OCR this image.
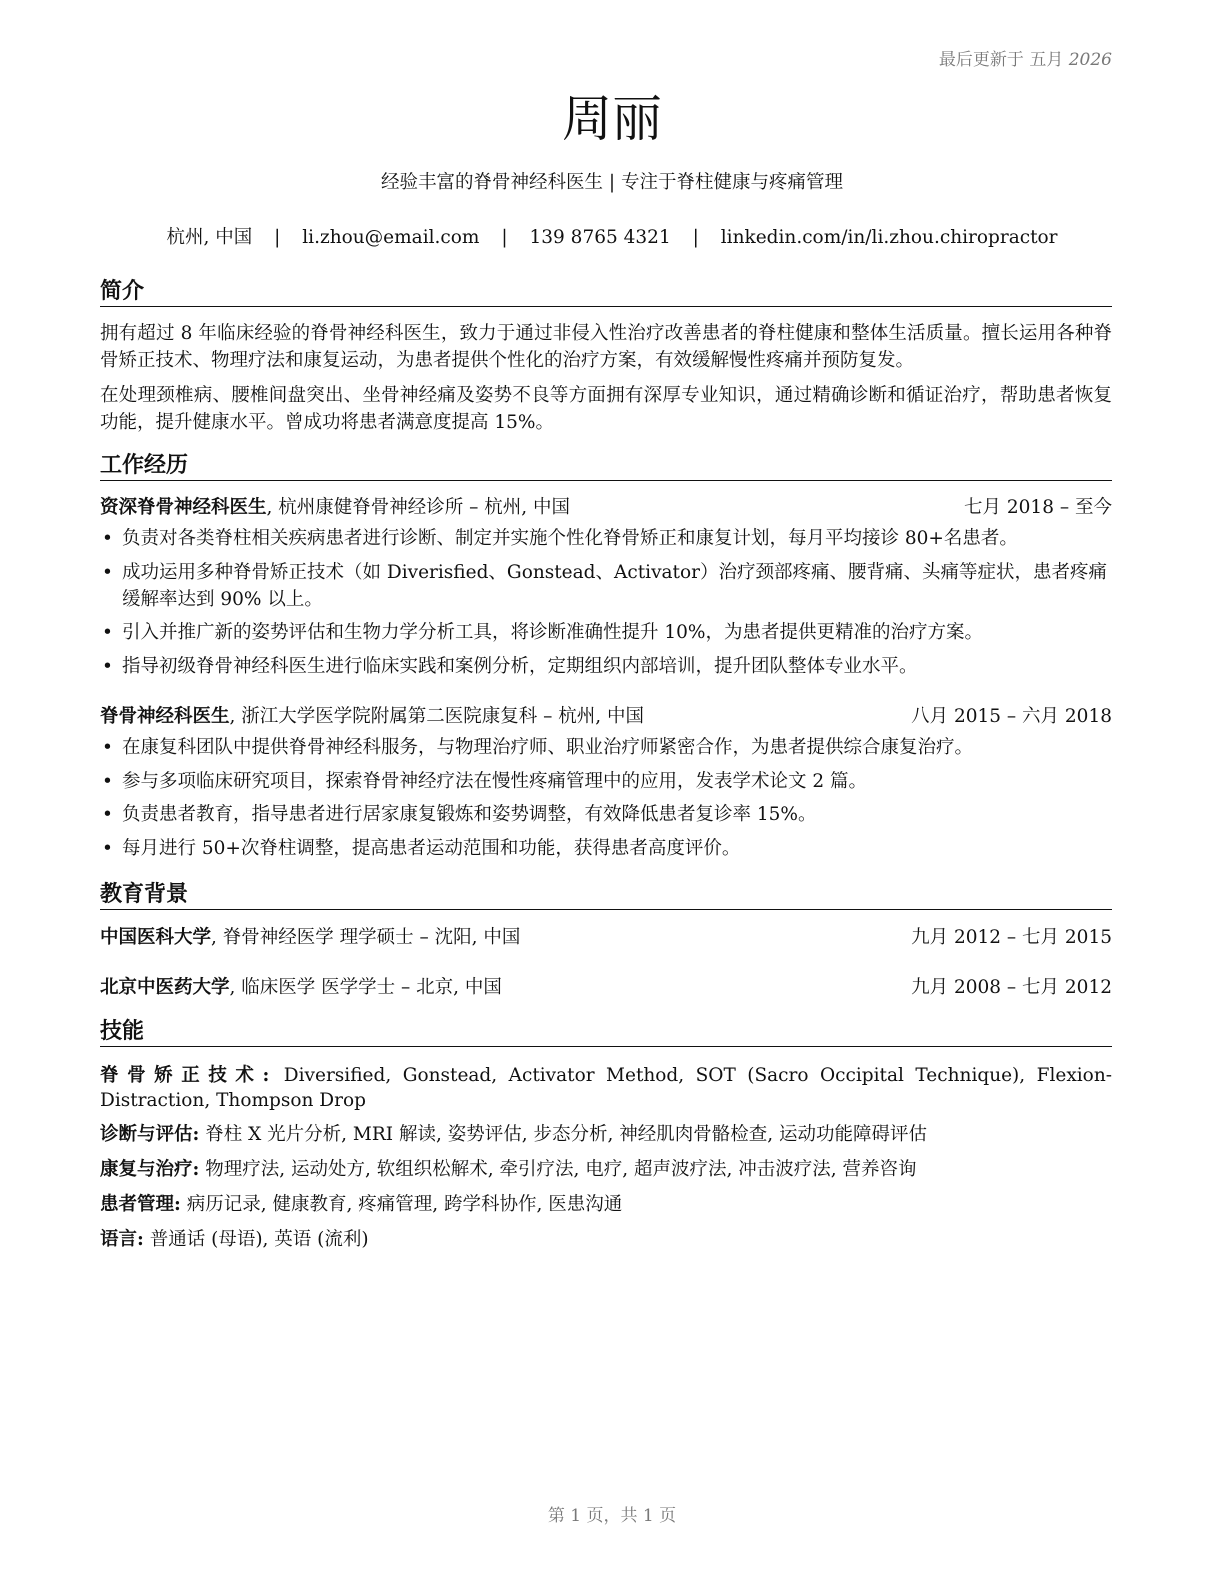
最后更新于 五月 2026
周丽
经验丰富的脊骨神经科医生 | 专注于脊柱健康与疼痛管理
杭州, 中国 | li.zhou@email.com | 139 8765 4321 | linkedin.com/in/li.zhou.chiropractor
简介

拥有超过 8 年临床经验的脊骨神经科医生，致力于通过非侵入性治疗改善患者的脊柱健康和整体生活质量。擅长运用各种脊骨矫正技术、物理疗法和康复运动，为患者提供个性化的治疗方案，有效缓解慢性疼痛并预防复发。

在处理颈椎病、腰椎间盘突出、坐骨神经痛及姿势不良等方面拥有深厚专业知识，通过精确诊断和循证治疗，帮助患者恢复功能，提升健康水平。曾成功将患者满意度提高 15%。

工作经历
资深脊骨神经科医生, 杭州康健脊骨神经诊所 – 杭州, 中国	七月 2018 – 至今
• 负责对各类脊柱相关疾病患者进行诊断、制定并实施个性化脊骨矫正和康复计划，每月平均接诊 80+名患者。
• 成功运用多种脊骨矫正技术（如 Diverisfied、Gonstead、Activator）治疗颈部疼痛、腰背痛、头痛等症状，患者疼痛缓解率达到 90% 以上。
• 引入并推广新的姿势评估和生物力学分析工具，将诊断准确性提升 10%，为患者提供更精准的治疗方案。
• 指导初级脊骨神经科医生进行临床实践和案例分析，定期组织内部培训，提升团队整体专业水平。
脊骨神经科医生, 浙江大学医学院附属第二医院康复科 – 杭州, 中国	八月 2015 – 六月 2018
• 在康复科团队中提供脊骨神经科服务，与物理治疗师、职业治疗师紧密合作，为患者提供综合康复治疗。
• 参与多项临床研究项目，探索脊骨神经疗法在慢性疼痛管理中的应用，发表学术论文 2 篇。
• 负责患者教育，指导患者进行居家康复锻炼和姿势调整，有效降低患者复诊率 15%。
• 每月进行 50+次脊柱调整，提高患者运动范围和功能，获得患者高度评价。
教育背景
中国医科大学, 脊骨神经医学 理学硕士 – 沈阳, 中国	九月 2012 – 七月 2015
北京中医药大学, 临床医学 医学学士 – 北京, 中国	九月 2008 – 七月 2012
技能
脊骨矫正技术: Diversified, Gonstead, Activator Method, SOT (Sacro Occipital Technique), Flexion-Distraction, Thompson Drop
诊断与评估: 脊柱 X 光片分析, MRI 解读, 姿势评估, 步态分析, 神经肌肉骨骼检查, 运动功能障碍评估
康复与治疗: 物理疗法, 运动处方, 软组织松解术, 牵引疗法, 电疗, 超声波疗法, 冲击波疗法, 营养咨询
患者管理: 病历记录, 健康教育, 疼痛管理, 跨学科协作, 医患沟通
语言: 普通话 (母语), 英语 (流利)
第 1 页，共 1 页
